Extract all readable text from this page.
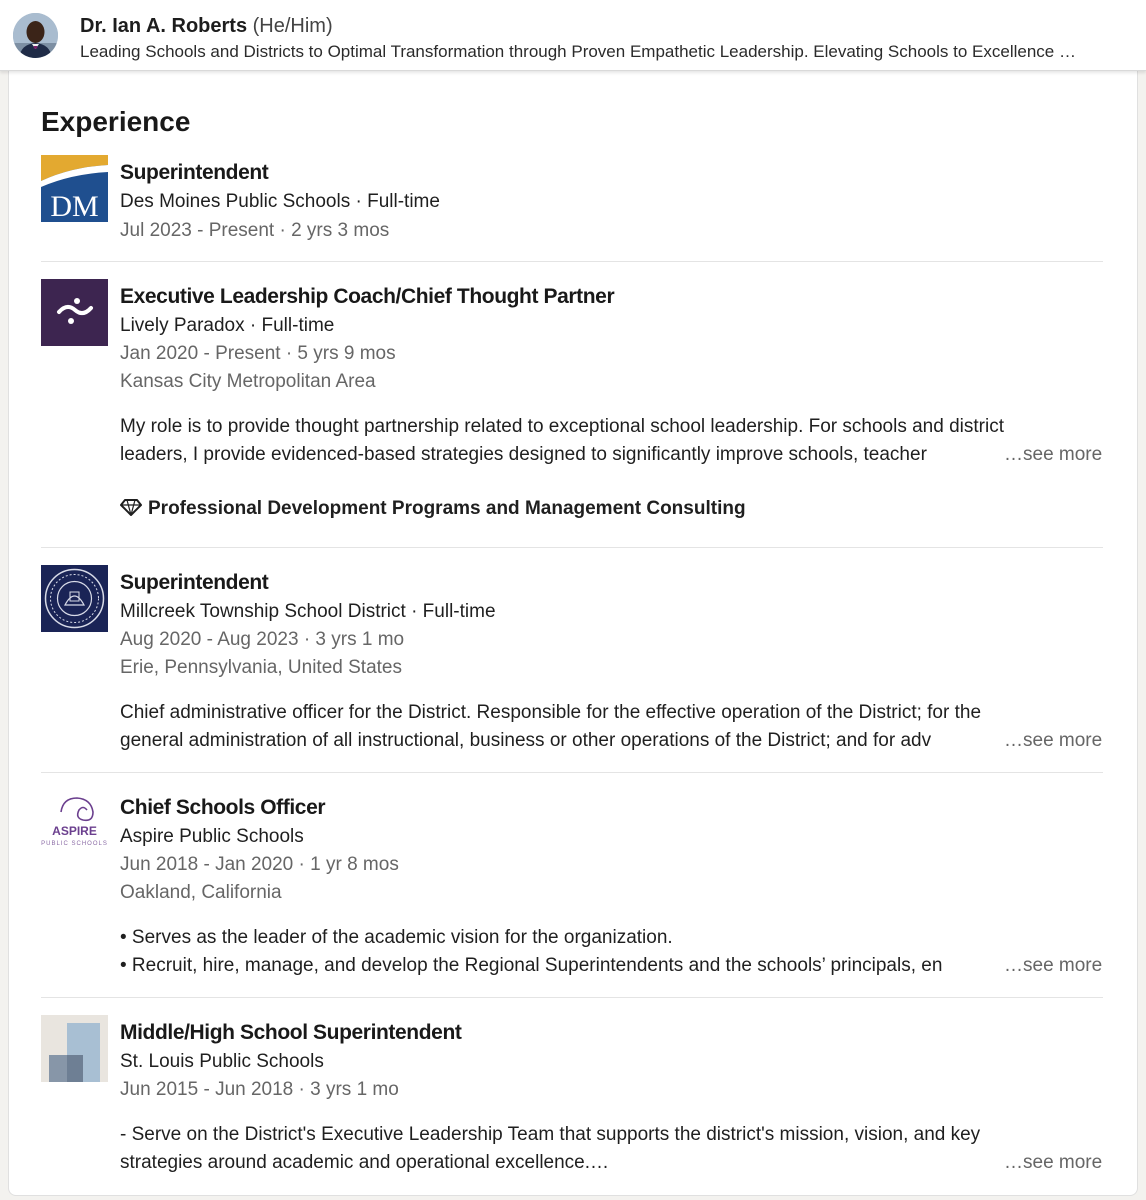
Dr. Ian A. Roberts (He/Him)
Leading Schools and Districts to Optimal Transformation through Proven Empathetic Leadership. Elevating Schools to Excellence …
Experience
DM
Superintendent
Des Moines Public Schools · Full-time
Jul 2023 - Present · 2 yrs 3 mos
Executive Leadership Coach/Chief Thought Partner
Lively Paradox · Full-time
Jan 2020 - Present · 5 yrs 9 mos
Kansas City Metropolitan Area
My role is to provide thought partnership related to exceptional school leadership. For schools and district
leaders, I provide evidenced-based strategies designed to significantly improve schools, teacher	…see more
Professional Development Programs and Management Consulting
Superintendent
Millcreek Township School District · Full-time
Aug 2020 - Aug 2023 · 3 yrs 1 mo
Erie, Pennsylvania, United States
Chief administrative officer for the District. Responsible for the effective operation of the District; for the
general administration of all instructional, business or other operations of the District; and for adv	…see more
ASPIRE
PUBLIC SCHOOLS
Chief Schools Officer
Aspire Public Schools
Jun 2018 - Jan 2020 · 1 yr 8 mos
Oakland, California
• Serves as the leader of the academic vision for the organization.
• Recruit, hire, manage, and develop the Regional Superintendents and the schools’ principals, en	…see more
Middle/High School Superintendent
St. Louis Public Schools
Jun 2015 - Jun 2018 · 3 yrs 1 mo
- Serve on the District's Executive Leadership Team that supports the district's mission, vision, and key
strategies around academic and operational excellence.…	…see more
